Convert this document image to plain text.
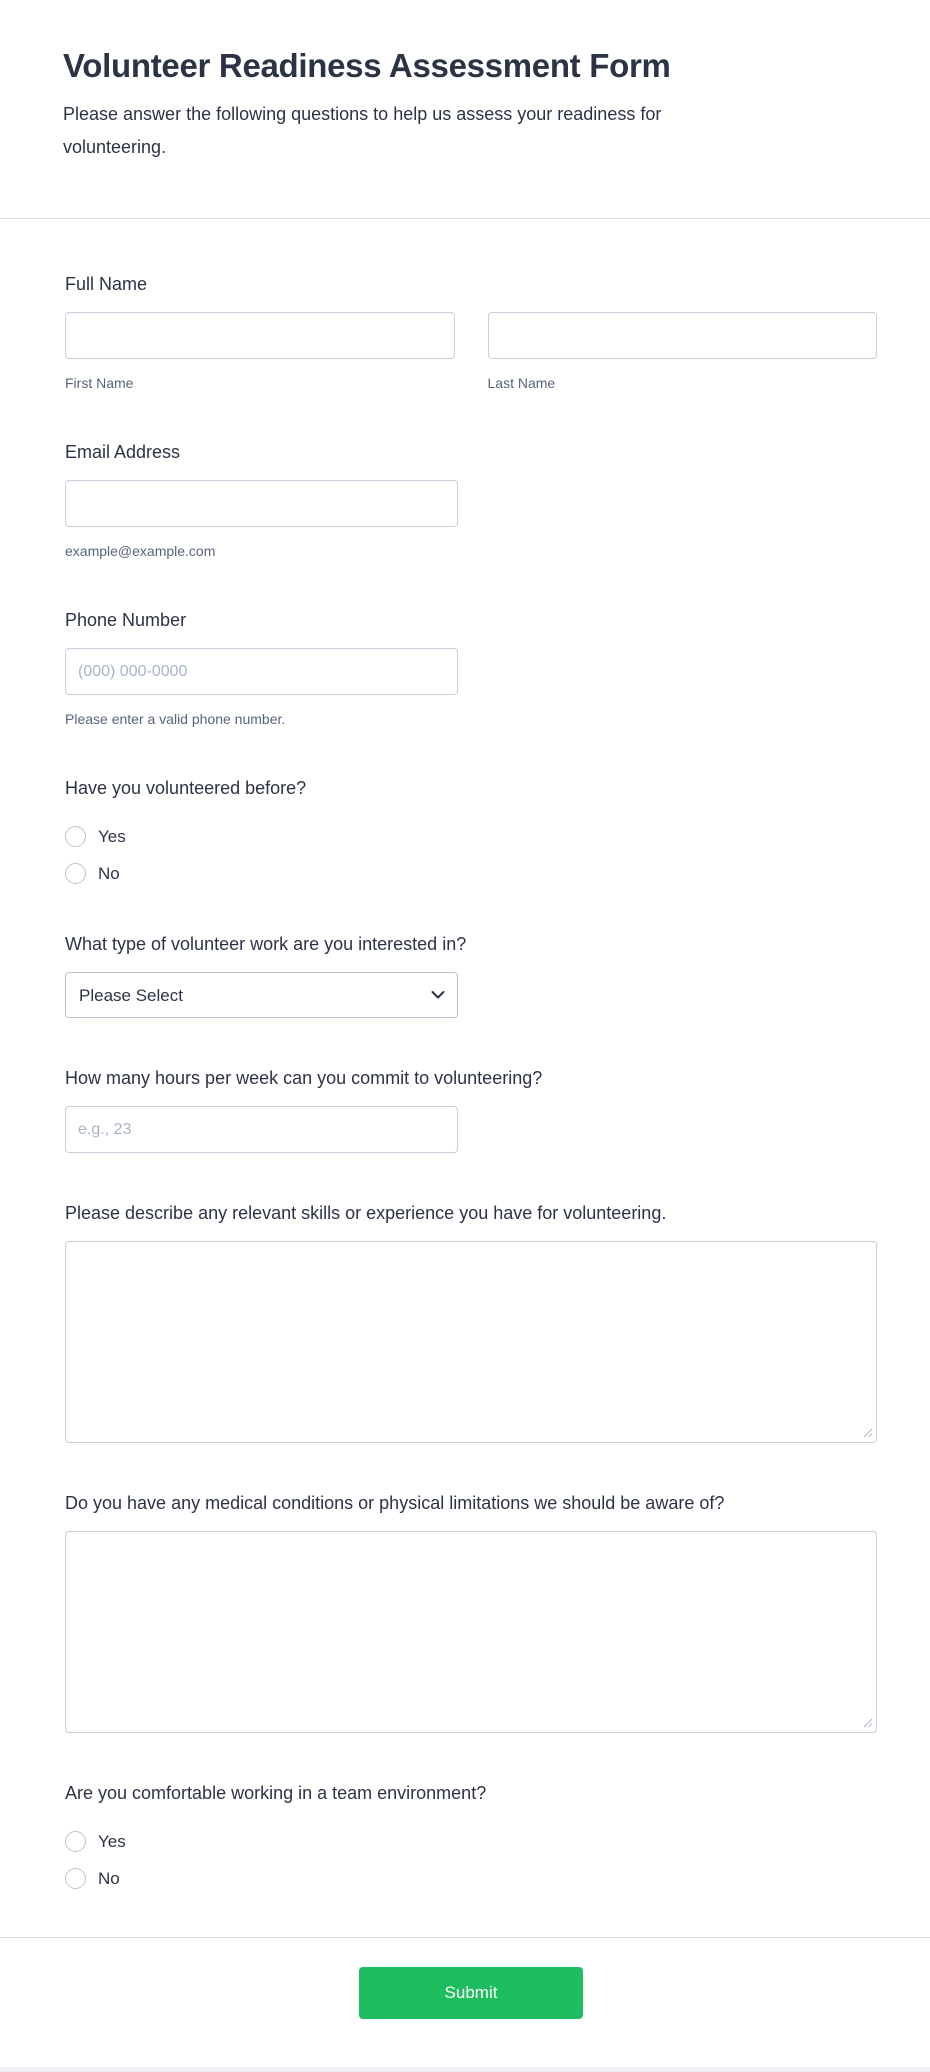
Volunteer Readiness Assessment Form

Please answer the following questions to help us assess your readiness for volunteering.

Full Name
First Name	Last Name
Email Address
example@example.com
Phone Number
(000) 000-0000
Please enter a valid phone number.
Have you volunteered before?
Yes
No
What type of volunteer work are you interested in?
Please Select
How many hours per week can you commit to volunteering?
e.g., 23
Please describe any relevant skills or experience you have for volunteering.
Do you have any medical conditions or physical limitations we should be aware of?
Are you comfortable working in a team environment?
Yes
No
Submit
